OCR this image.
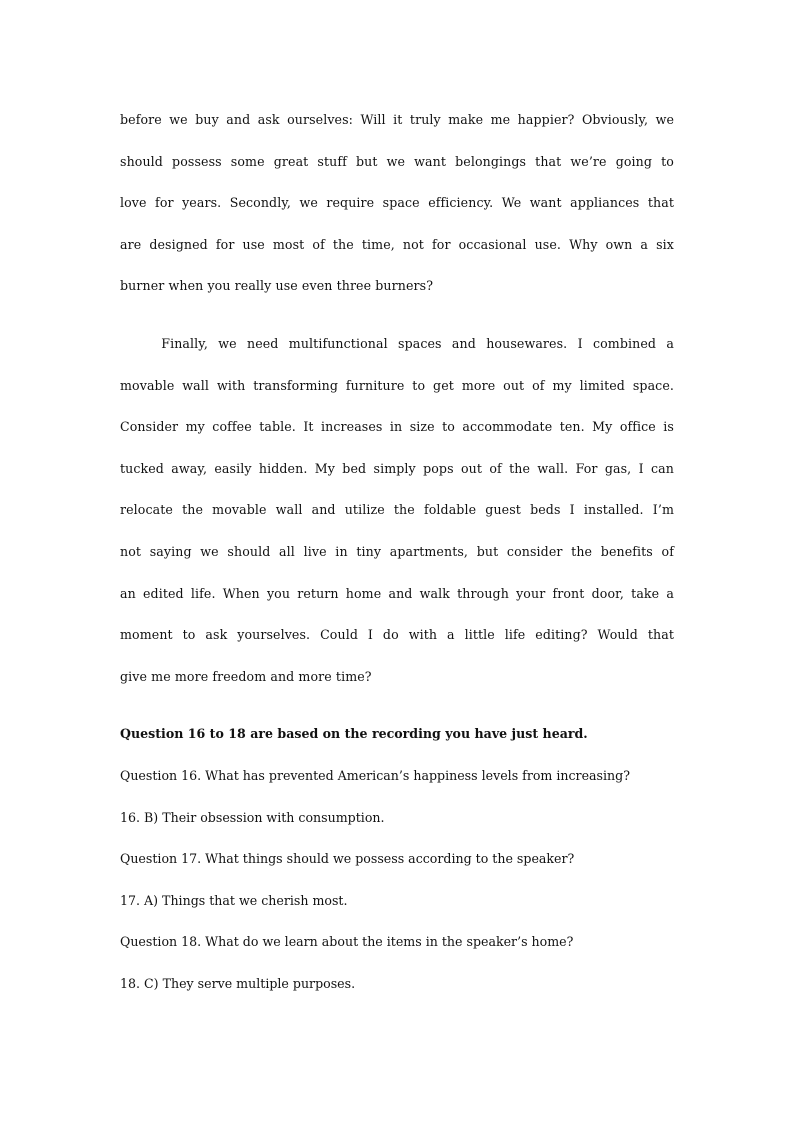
before we buy and ask ourselves: Will it truly make me happier? Obviously, we
should possess some great stuff but we want belongings that we’re going to
love for years. Secondly, we require space efficiency. We want appliances that
are designed for use most of the time, not for occasional use. Why own a six
burner when you really use even three burners?
Finally, we need multifunctional spaces and housewares. I combined a
movable wall with transforming furniture to get more out of my limited space.
Consider my coffee table. It increases in size to accommodate ten. My office is
tucked away, easily hidden. My bed simply pops out of the wall. For gas, I can
relocate the movable wall and utilize the foldable guest beds I installed. I’m
not saying we should all live in tiny apartments, but consider the benefits of
an edited life. When you return home and walk through your front door, take a
moment to ask yourselves. Could I do with a little life editing? Would that
give me more freedom and more time?
Question 16 to 18 are based on the recording you have just heard.
Question 16. What has prevented American’s happiness levels from increasing?
16. B) Their obsession with consumption.
Question 17. What things should we possess according to the speaker?
17. A) Things that we cherish most.
Question 18. What do we learn about the items in the speaker’s home?
18. C) They serve multiple purposes.
